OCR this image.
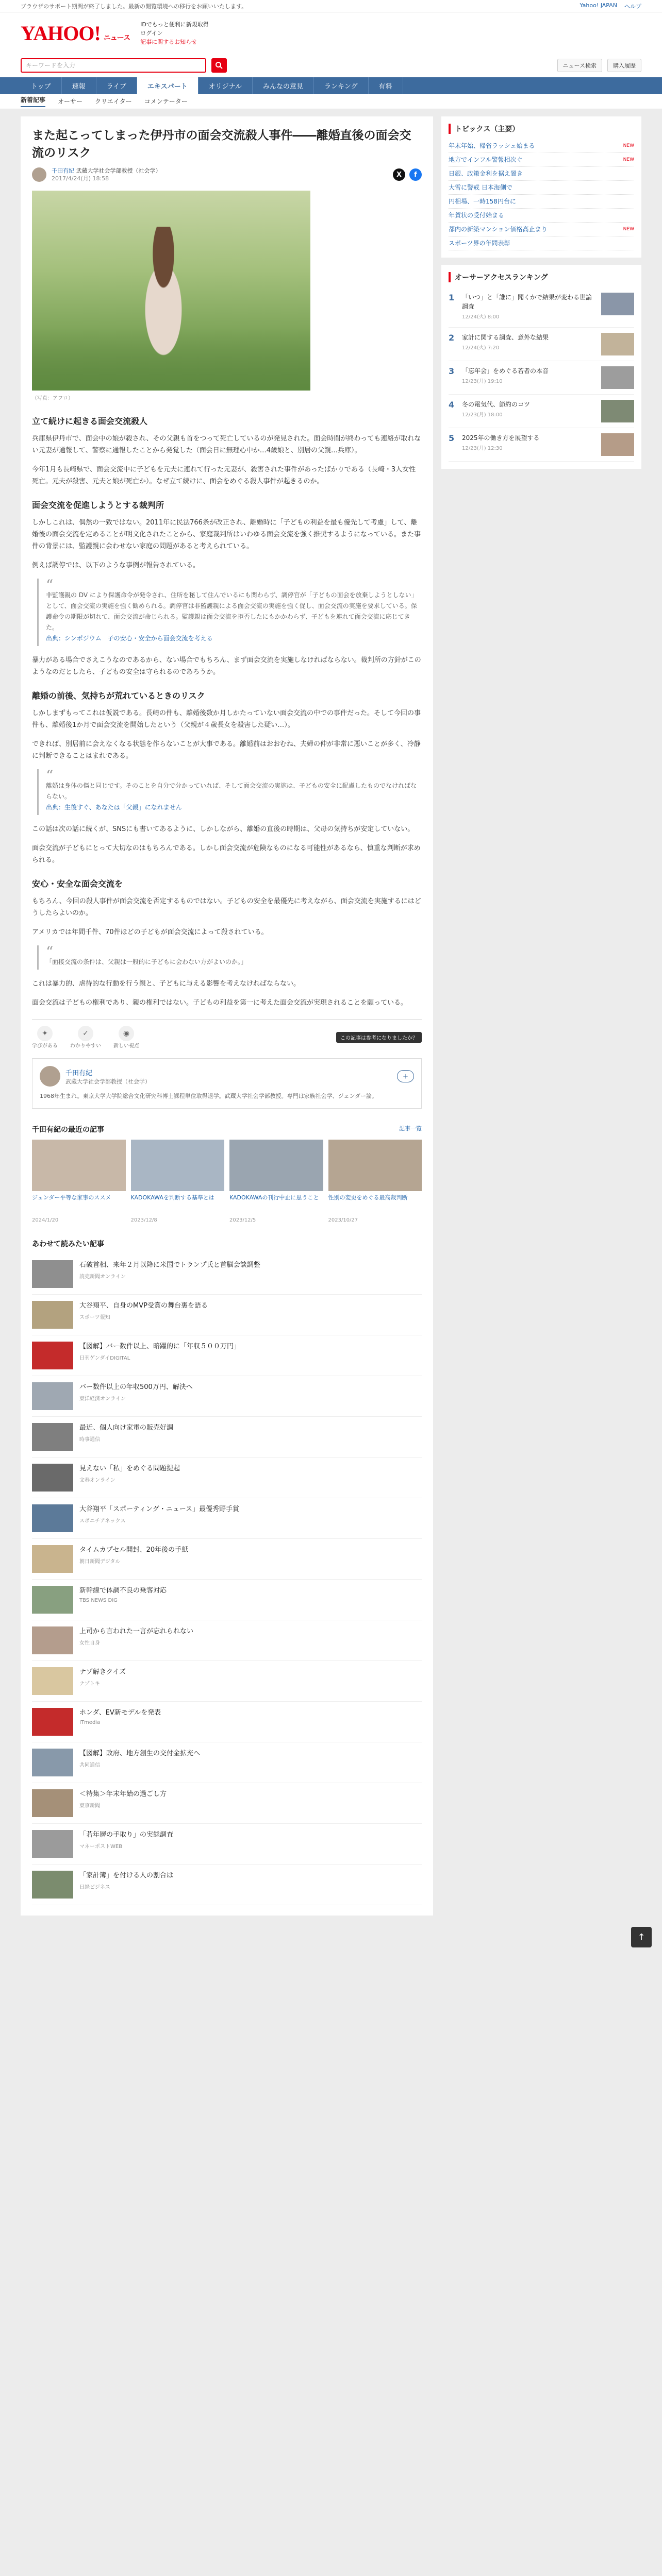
ブラウザのサポート期間が終了しました。最新の閲覧環境への移行をお願いいたします。	Yahoo! JAPAN ヘルプ
YAHOO! ニュース
IDでもっと便利に新規取得
ログイン
記事に関するお知らせ
キーワードを入力	ニュース検索	購入履歴
トップ	速報	ライブ	エキスパート	オリジナル	みんなの意見	ランキング	有料
新着記事 オーサー クリエイター コメンテーター
また起こってしまった伊丹市の面会交流殺人事件――離婚直後の面会交流のリスク
千田有紀 武蔵大学社会学部教授（社会学）
2017/4/24(月) 18:58	X	f
（写真：アフロ）
立て続けに起きる面会交流殺人

兵庫県伊丹市で、面会中の娘が殺され、その父親も首をつって死亡しているのが発見された。面会時間が終わっても連絡が取れない元妻が通報して、警察に通報したことから発覚した（面会日に無理心中か…4歳娘と、別居の父親…兵庫）。

今年1月も長崎県で、面会交流中に子どもを元夫に連れて行った元妻が、殺害された事件があったばかりである（長崎・3人女性死亡。元夫が殺害、元夫と娘が死亡か）。なぜ立て続けに、面会をめぐる殺人事件が起きるのか。

面会交流を促進しようとする裁判所

しかしこれは、偶然の一致ではない。2011年に民法766条が改正され、離婚時に「子どもの利益を最も優先して考慮」して、離婚後の面会交流を定めることが明文化されたことから、家庭裁判所はいわゆる面会交流を強く推奨するようになっている。また事件の背景には、監護親に会わせない家庭の問題があると考えられている。

例えば調停では、以下のような事例が報告されている。

“
非監護親の DV により保護命令が発令され、住所を秘して住んでいるにも関わらず、調停官が「子どもの面会を放棄しようとしない」として、面会交流の実施を強く勧められる。調停官は非監護親による面会交流の実施を強く促し、面会交流の実施を要求している。保護命令の期限が切れて、面会交流が命じられる。監護親は面会交流を拒否したにもかかわらず、子どもを連れて面会交流に応じてきた。
出典：シンポジウム　子の安心・安全から面会交流を考える

暴力がある場合でさえこうなのであるから、ない場合でもちろん、まず面会交流を実施しなければならない。裁判所の方針がこのようなのだとしたら、子どもの安全は守られるのであろうか。

離婚の前後、気持ちが荒れているときのリスク

しかしまずもってこれは仮説である。長崎の件も、離婚後数か月しかたっていない面会交流の中での事件だった。そして今回の事件も、離婚後1か月で面会交流を開始したという（父親が４歳長女を殺害した疑い…）。

できれば、別居前に会えなくなる状態を作らないことが大事である。離婚前はおおむね、夫婦の仲が非常に悪いことが多く、冷静に判断できることはまれである。

“
離婚は身体の傷と同じです。そのことを自分で分かっていれば、そして面会交流の実施は、子どもの安全に配慮したものでなければならない。
出典：生後すぐ、あなたは「父親」になれません

この話は次の話に続くが、SNSにも書いてあるように、しかしながら、離婚の直後の時期は、父母の気持ちが安定していない。

面会交流が子どもにとって大切なのはもちろんである。しかし面会交流が危険なものになる可能性があるなら、慎重な判断が求められる。

安心・安全な面会交流を

もちろん、今回の殺人事件が面会交流を否定するものではない。子どもの安全を最優先に考えながら、面会交流を実施するにはどうしたらよいのか。

アメリカでは年間千件、70件ほどの子どもが面会交流によって殺されている。

“
「面接交流の条件は、父親は一般的に子どもに会わない方がよいのか。」

これは暴力的、虐待的な行動を行う親と、子どもに与える影響を考えなければならない。

面会交流は子どもの権利であり、親の権利ではない。子どもの利益を第一に考えた面会交流が実現されることを願っている。

✦
学びがある
✓
わかりやすい
◉
新しい視点
この記事は参考になりましたか？
千田有紀
武蔵大学社会学部教授（社会学）
＋
1968年生まれ。東京大学大学院総合文化研究科博士課程単位取得退学。武蔵大学社会学部教授。専門は家族社会学、ジェンダー論。
千田有紀の最近の記事	記事一覧
ジェンダー平等な家事のススメ
2024/1/20
KADOKAWAを判断する基準とは
2023/12/8
KADOKAWAの刊行中止に思うこと
2023/12/5
性別の変更をめぐる最高裁判断
2023/10/27
あわせて読みたい記事
石破首相、来年２月以降に米国でトランプ氏と首脳会談調整
読売新聞オンライン
大谷翔平、自身のMVP受賞の舞台裏を語る
スポーツ報知
【図解】バー数件以上、暗躍的に「年収５００万円」
日刊ゲンダイDIGITAL
バー数件以上の年収500万円、解決へ
東洋経済オンライン
最近、個人向け家電の販売好調
時事通信
見えない「私」をめぐる問題提起
文春オンライン
大谷翔平「スポーティング・ニュース」最優秀野手賞
スポニチアネックス
タイムカプセル開封、20年後の手紙
朝日新聞デジタル
新幹線で体調不良の乗客対応
TBS NEWS DIG
上司から言われた一言が忘れられない
女性自身
ナゾ解きクイズ
ナゾトキ
ホンダ、EV新モデルを発表
ITmedia
【図解】政府、地方創生の交付金拡充へ
共同通信
＜特集＞年末年始の過ごし方
東京新聞
「若年層の手取り」の実態調査
マネーポストWEB
「家計簿」を付ける人の割合は
日経ビジネス
トピックス（主要）
年末年始、帰省ラッシュ始まる	NEW
地方でインフル警報相次ぐ	NEW
日銀、政策金利を据え置き
大雪に警戒 日本海側で
円相場、一時158円台に
年賀状の受付始まる
都内の新築マンション価格高止まり	NEW
スポーツ界の年間表彰
オーサーアクセスランキング
1	「いつ」と「誰に」聞くかで結果が変わる世論調査
12/24(火) 8:00
2	家計に関する調査、意外な結果
12/24(火) 7:20
3	「忘年会」をめぐる若者の本音
12/23(月) 19:10
4	冬の電気代、節約のコツ
12/23(月) 18:00
5	2025年の働き方を展望する
12/23(月) 12:30
↑
